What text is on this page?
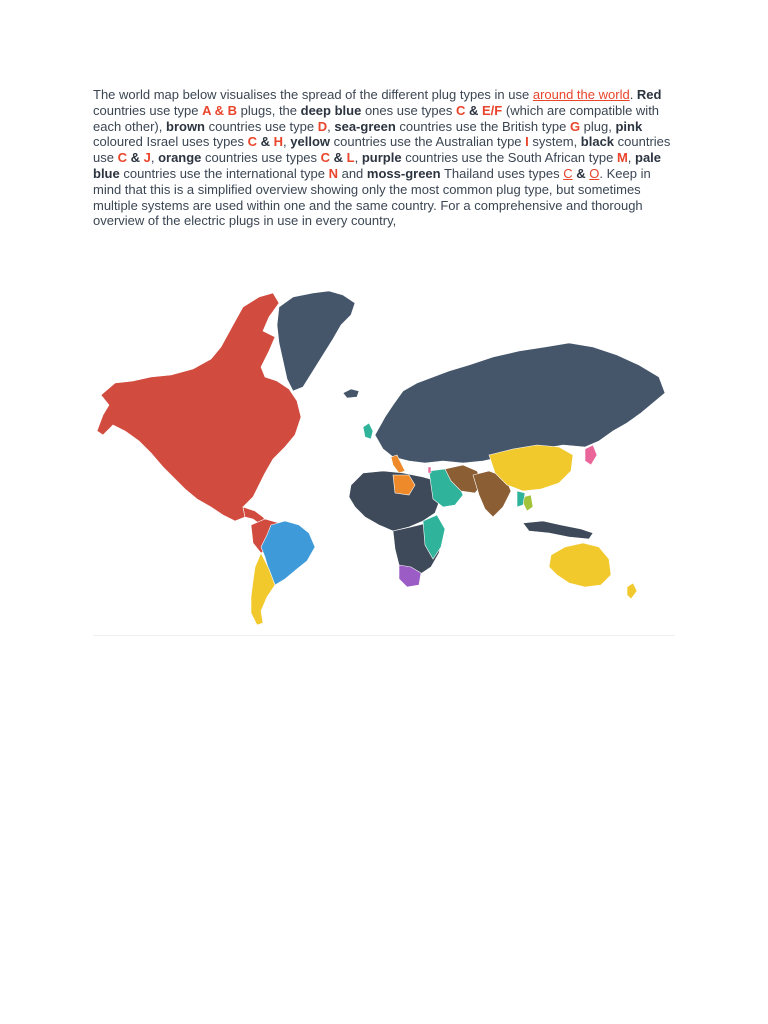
The world map below visualises the spread of the different plug types in use around the world. Red countries use type A & B plugs, the deep blue ones use types C & E/F (which are compatible with each other), brown countries use type D, sea-green countries use the British type G plug, pink coloured Israel uses types C & H, yellow countries use the Australian type I system, black countries use C & J, orange countries use types C & L, purple countries use the South African type M, pale blue countries use the international type N and moss-green Thailand uses types C & O. Keep in mind that this is a simplified overview showing only the most common plug type, but sometimes multiple systems are used within one and the same country. For a comprehensive and thorough overview of the electric plugs in use in every country,
